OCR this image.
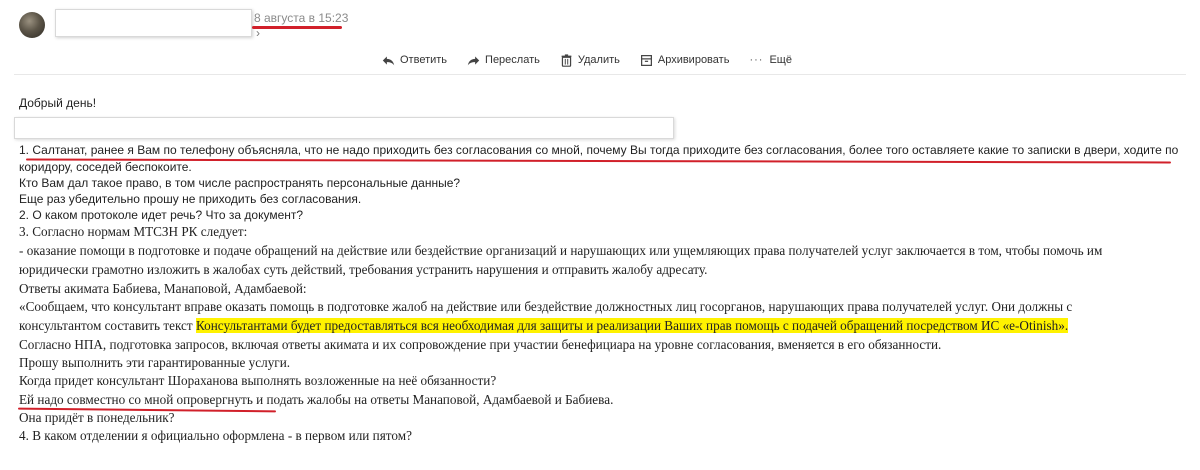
8 августа в 15:23
›
Ответить	Переслать	Удалить	Архивировать ··· Ещё
Добрый день!
1. Салтанат, ранее я Вам по телефону объясняла, что не надо приходить без согласования со мной, почему Вы тогда приходите без согласования, более того оставляете какие то записки в двери, ходите по
коридору, соседей беспокоите.
Кто Вам дал такое право, в том числе распространять персональные данные?
Еще раз убедительно прошу не приходить без согласования.
2. О каком протоколе идет речь? Что за документ?
3. Согласно нормам МТСЗН РК следует:
- оказание помощи в подготовке и подаче обращений на действие или бездействие организаций и нарушающих или ущемляющих права получателей услуг заключается в том, чтобы помочь им
юридически грамотно изложить в жалобах суть действий, требования устранить нарушения и отправить жалобу адресату.
Ответы акимата Бабиева, Манаповой, Адамбаевой:
«Сообщаем, что консультант вправе оказать помощь в подготовке жалоб на действие или бездействие должностных лиц госорганов, нарушающих права получателей услуг. Они должны с
консультантом составить текст Консультантами будет предоставляться вся необходимая для защиты и реализации Ваших прав помощь с подачей обращений посредством ИС «e-Otinish».
Согласно НПА, подготовка запросов, включая ответы акимата и их сопровождение при участии бенефициара на уровне согласования, вменяется в его обязанности.
Прошу выполнить эти гарантированные услуги.
Когда придет консультант Шораханова выполнять возложенные на неё обязанности?
Ей надо совместно со мной опровергнуть и подать жалобы на ответы Манаповой, Адамбаевой и Бабиева.
Она придёт в понедельник?
4. В каком отделении я официально оформлена - в первом или пятом?
